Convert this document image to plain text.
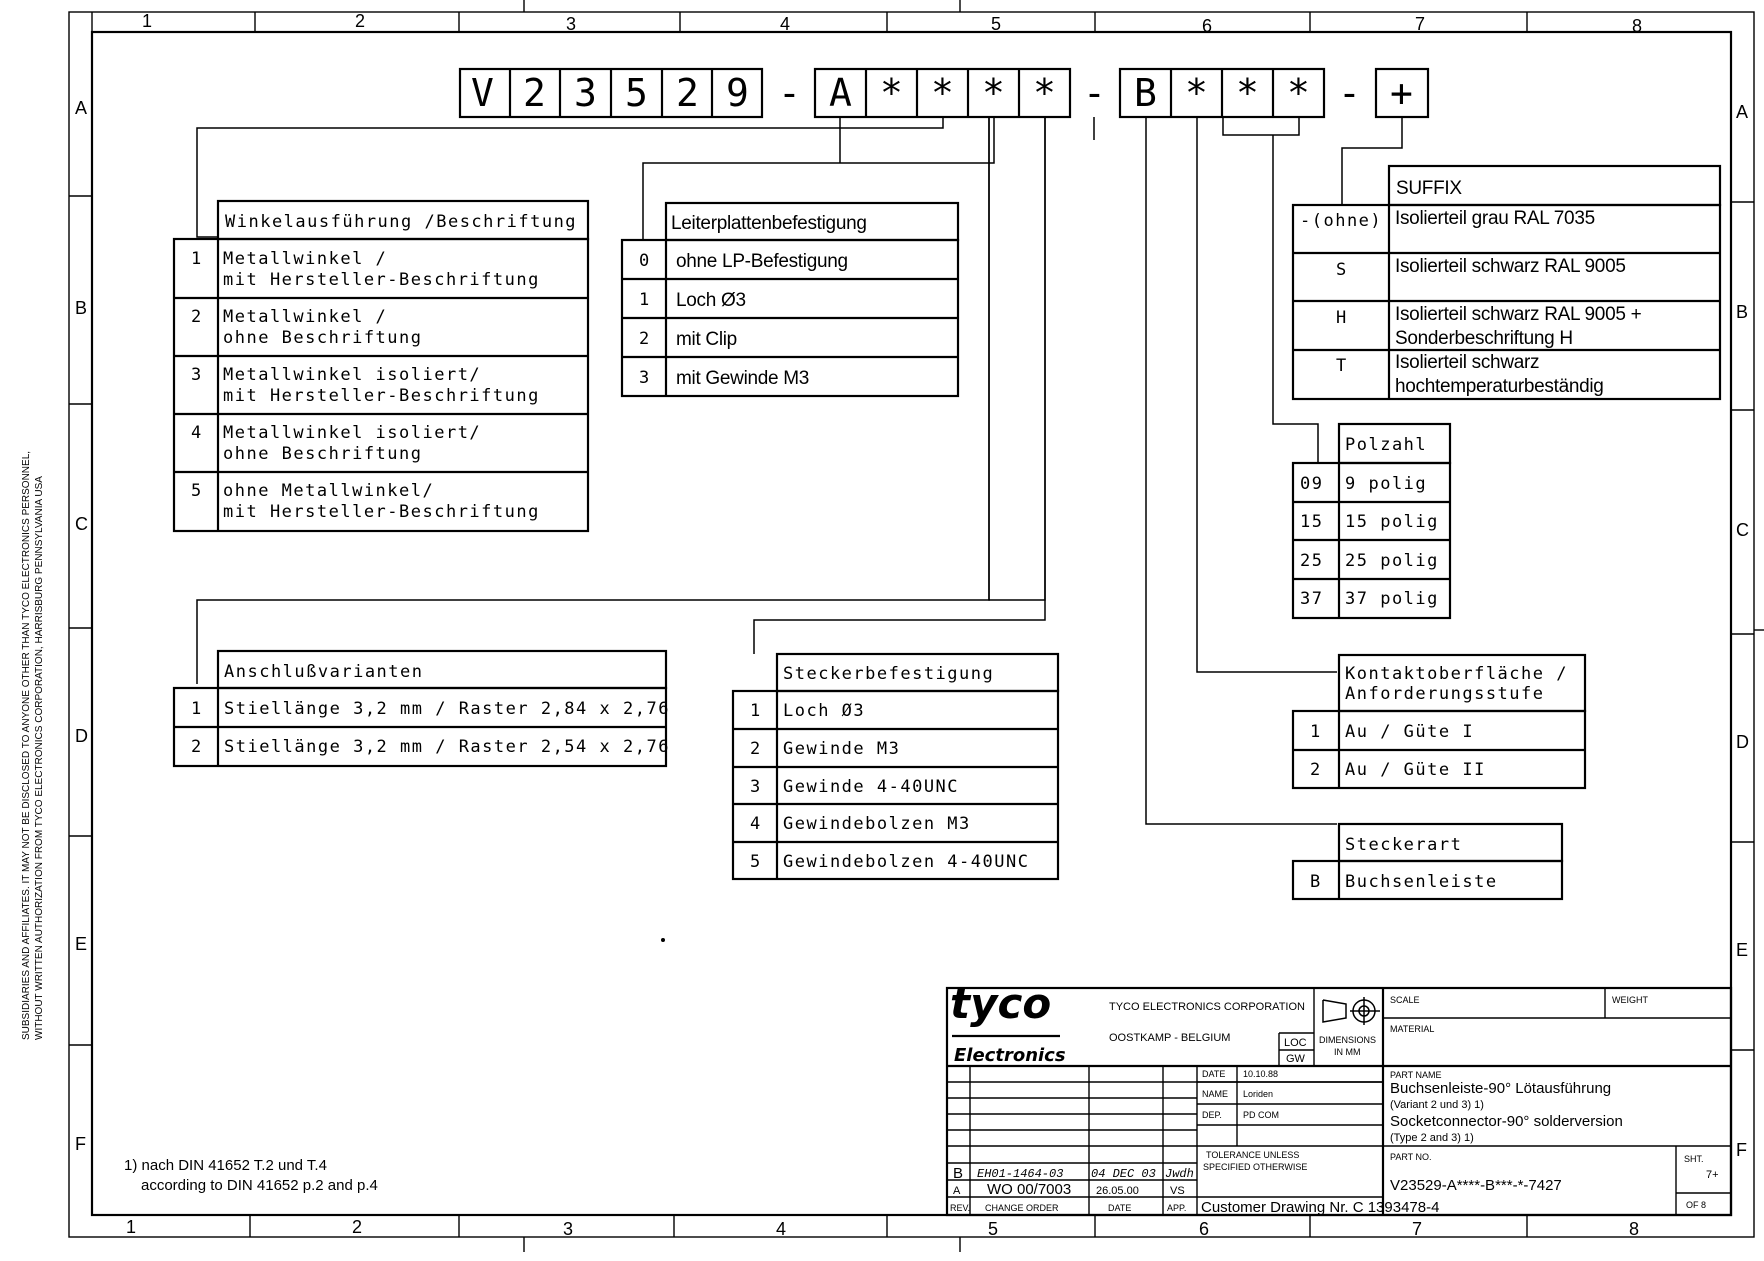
1	2	3	4	5	6	7	8
1	2	3	4	5	6	7	8
A
B
C
D
E
F
A
B
C
D
E
F
SUBSIDIARIES AND AFFILIATES. IT MAY NOT BE DISCLOSED TO ANYONE OTHER THAN TYCO ELECTRONICS PERSONNEL, WITHOUT WRITTEN AUTHORIZATION FROM TYCO ELECTRONICS CORPORATION, HARRISBURG PENNSYLVANIA USA
V 2 3 5 2 9 - A * * * * - B * * * - +
Winkelausführung /Beschriftung
1 Metallwinkel /
mit Hersteller-Beschriftung
2 Metallwinkel /
ohne Beschriftung
3 Metallwinkel isoliert/
mit Hersteller-Beschriftung
4 Metallwinkel isoliert/
ohne Beschriftung
5 ohne Metallwinkel/
mit Hersteller-Beschriftung
Leiterplattenbefestigung
0 ohne LP-Befestigung
1 Loch Ø3
2 mit Clip
3 mit Gewinde M3
SUFFIX
-(ohne) Isolierteil grau RAL 7035
S Isolierteil schwarz RAL 9005
H Isolierteil schwarz RAL 9005 +
Sonderbeschriftung H
T Isolierteil schwarz
hochtemperaturbeständig
Polzahl
09 9 polig
15 15 polig
25 25 polig
37 37 polig
Anschlußvarianten
1 Stiellänge 3,2 mm / Raster 2,84 x 2,76
2 Stiellänge 3,2 mm / Raster 2,54 x 2,76
Steckerbefestigung
1 Loch Ø3
2 Gewinde M3
3 Gewinde 4-40UNC
4 Gewindebolzen M3
5 Gewindebolzen 4-40UNC
Kontaktoberfläche /
Anforderungsstufe
1 Au / Güte I
2 Au / Güte II
Steckerart
B Buchsenleiste
1) nach DIN 41652 T.2 und T.4
according to DIN 41652 p.2 and p.4
tyco
Electronics
TYCO ELECTRONICS CORPORATION
OOSTKAMP - BELGIUM	LOC
GW
DIMENSIONS
IN MM
SCALE	WEIGHT
MATERIAL
DATE 10.10.88
NAME Loriden
DEP. PD COM
PART NAME
Buchsenleiste-90° Lötausführung
(Variant 2 und 3) 1)
Socketconnector-90° solderversion
(Type 2 and 3) 1)
TOLERANCE UNLESS
SPECIFIED OTHERWISE
PART NO.
V23529-A****-B***-*-7427
SHT.
7+
OF 8
Customer Drawing Nr. C 1393478-4
B EH01-1464-03 04 DEC 03 Jwdh
A WO 00/7003 26.05.00	VS
REV. CHANGE ORDER	DATE	APP.
